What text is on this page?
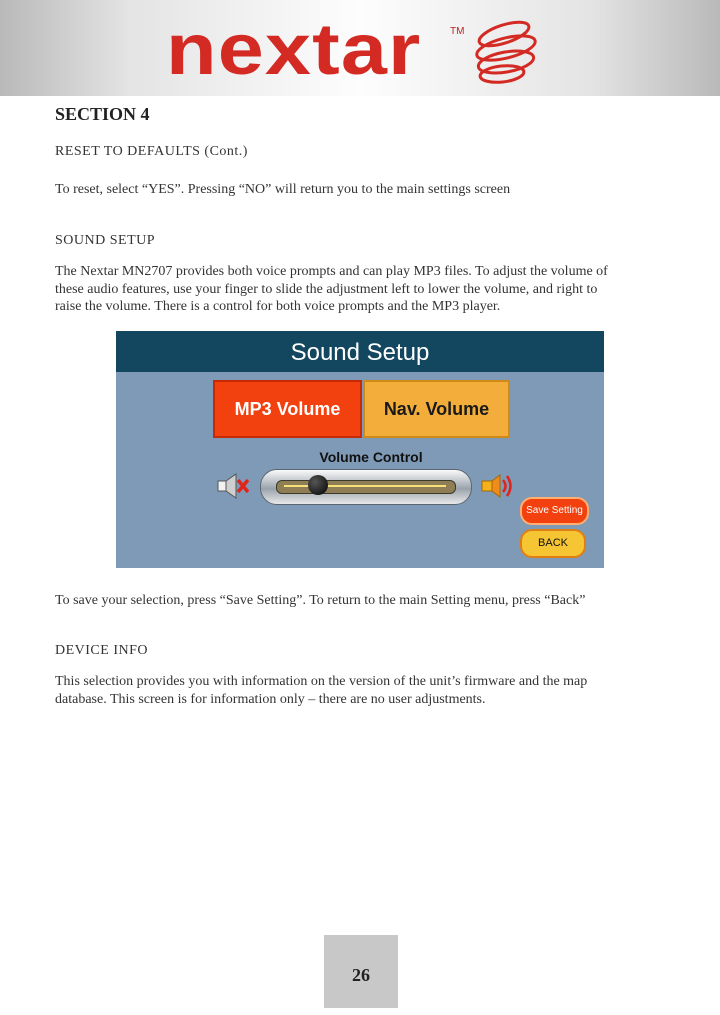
nextar	TM
SECTION 4
RESET TO DEFAULTS (Cont.)
To reset, select “YES”. Pressing “NO” will return you to the main settings screen
SOUND SETUP
The Nextar MN2707 provides both voice prompts and can play MP3 files. To adjust the volume of
these audio features, use your finger to slide the adjustment left to lower the volume, and right to
raise the volume. There is a control for both voice prompts and the MP3 player.
Sound Setup
MP3 Volume	Nav. Volume
Volume Control
Save Setting
BACK
To save your selection, press “Save Setting”. To return to the main Setting menu, press “Back”
DEVICE INFO
This selection provides you with information on the version of the unit’s firmware and the map
database. This screen is for information only – there are no user adjustments.
26
